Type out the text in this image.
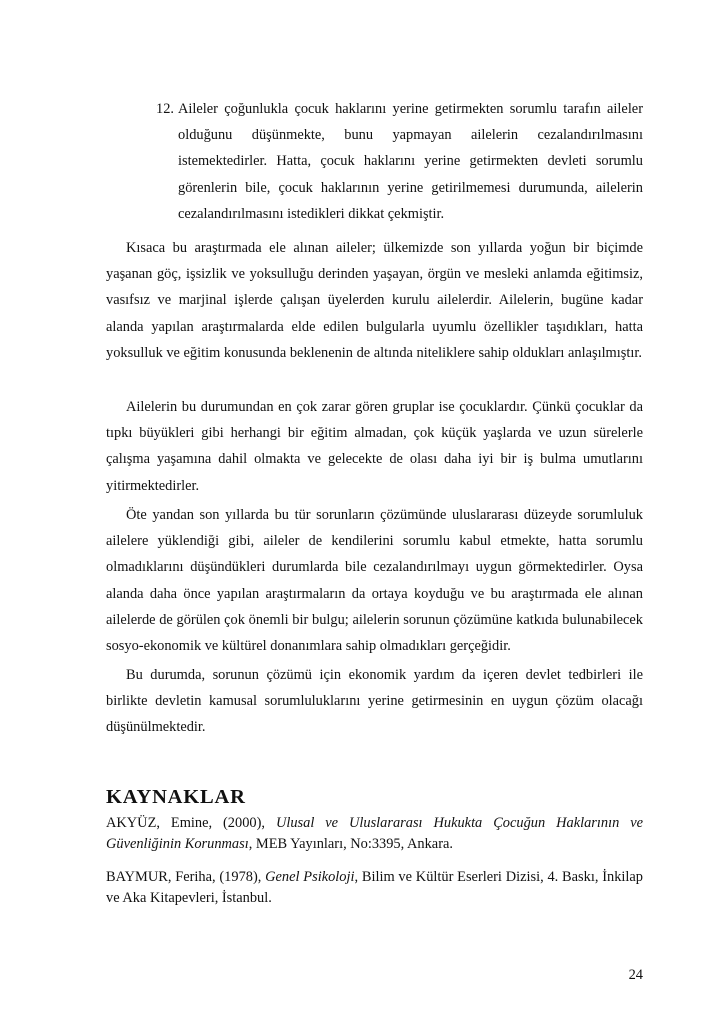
12. Aileler çoğunlukla çocuk haklarını yerine getirmekten sorumlu tarafın aileler olduğunu düşünmekte, bunu yapmayan ailelerin cezalandırılmasını istemektedirler. Hatta, çocuk haklarını yerine getirmekten devleti sorumlu görenlerin bile, çocuk haklarının yerine getirilmemesi durumunda, ailelerin cezalandırılmasını istedikleri dikkat çekmiştir.

Kısaca bu araştırmada ele alınan aileler; ülkemizde son yıllarda yoğun bir biçimde yaşanan göç, işsizlik ve yoksulluğu derinden yaşayan, örgün ve mesleki anlamda eğitimsiz, vasıfsız ve marjinal işlerde çalışan üyelerden kurulu ailelerdir. Ailelerin, bugüne kadar alanda yapılan araştırmalarda elde edilen bulgularla uyumlu özellikler taşıdıkları, hatta yoksulluk ve eğitim konusunda beklenenin de altında niteliklere sahip oldukları anlaşılmıştır.

Ailelerin bu durumundan en çok zarar gören gruplar ise çocuklardır. Çünkü çocuklar da tıpkı büyükleri gibi herhangi bir eğitim almadan, çok küçük yaşlarda ve uzun sürelerle çalışma yaşamına dahil olmakta ve gelecekte de olası daha iyi bir iş bulma umutlarını yitirmektedirler.

Öte yandan son yıllarda bu tür sorunların çözümünde uluslararası düzeyde sorumluluk ailelere yüklendiği gibi, aileler de kendilerini sorumlu kabul etmekte, hatta sorumlu olmadıklarını düşündükleri durumlarda bile cezalandırılmayı uygun görmektedirler. Oysa alanda daha önce yapılan araştırmaların da ortaya koyduğu ve bu araştırmada ele alınan ailelerde de görülen çok önemli bir bulgu; ailelerin sorunun çözümüne katkıda bulunabilecek sosyo-ekonomik ve kültürel donanımlara sahip olmadıkları gerçeğidir.

Bu durumda, sorunun çözümü için ekonomik yardım da içeren devlet tedbirleri ile birlikte devletin kamusal sorumluluklarını yerine getirmesinin en uygun çözüm olacağı düşünülmektedir.

KAYNAKLAR

AKYÜZ, Emine, (2000), Ulusal ve Uluslararası Hukukta Çocuğun Haklarının ve Güvenliğinin Korunması, MEB Yayınları, No:3395, Ankara.

BAYMUR, Feriha, (1978), Genel Psikoloji, Bilim ve Kültür Eserleri Dizisi, 4. Baskı, İnkilap ve Aka Kitapevleri, İstanbul.

24
